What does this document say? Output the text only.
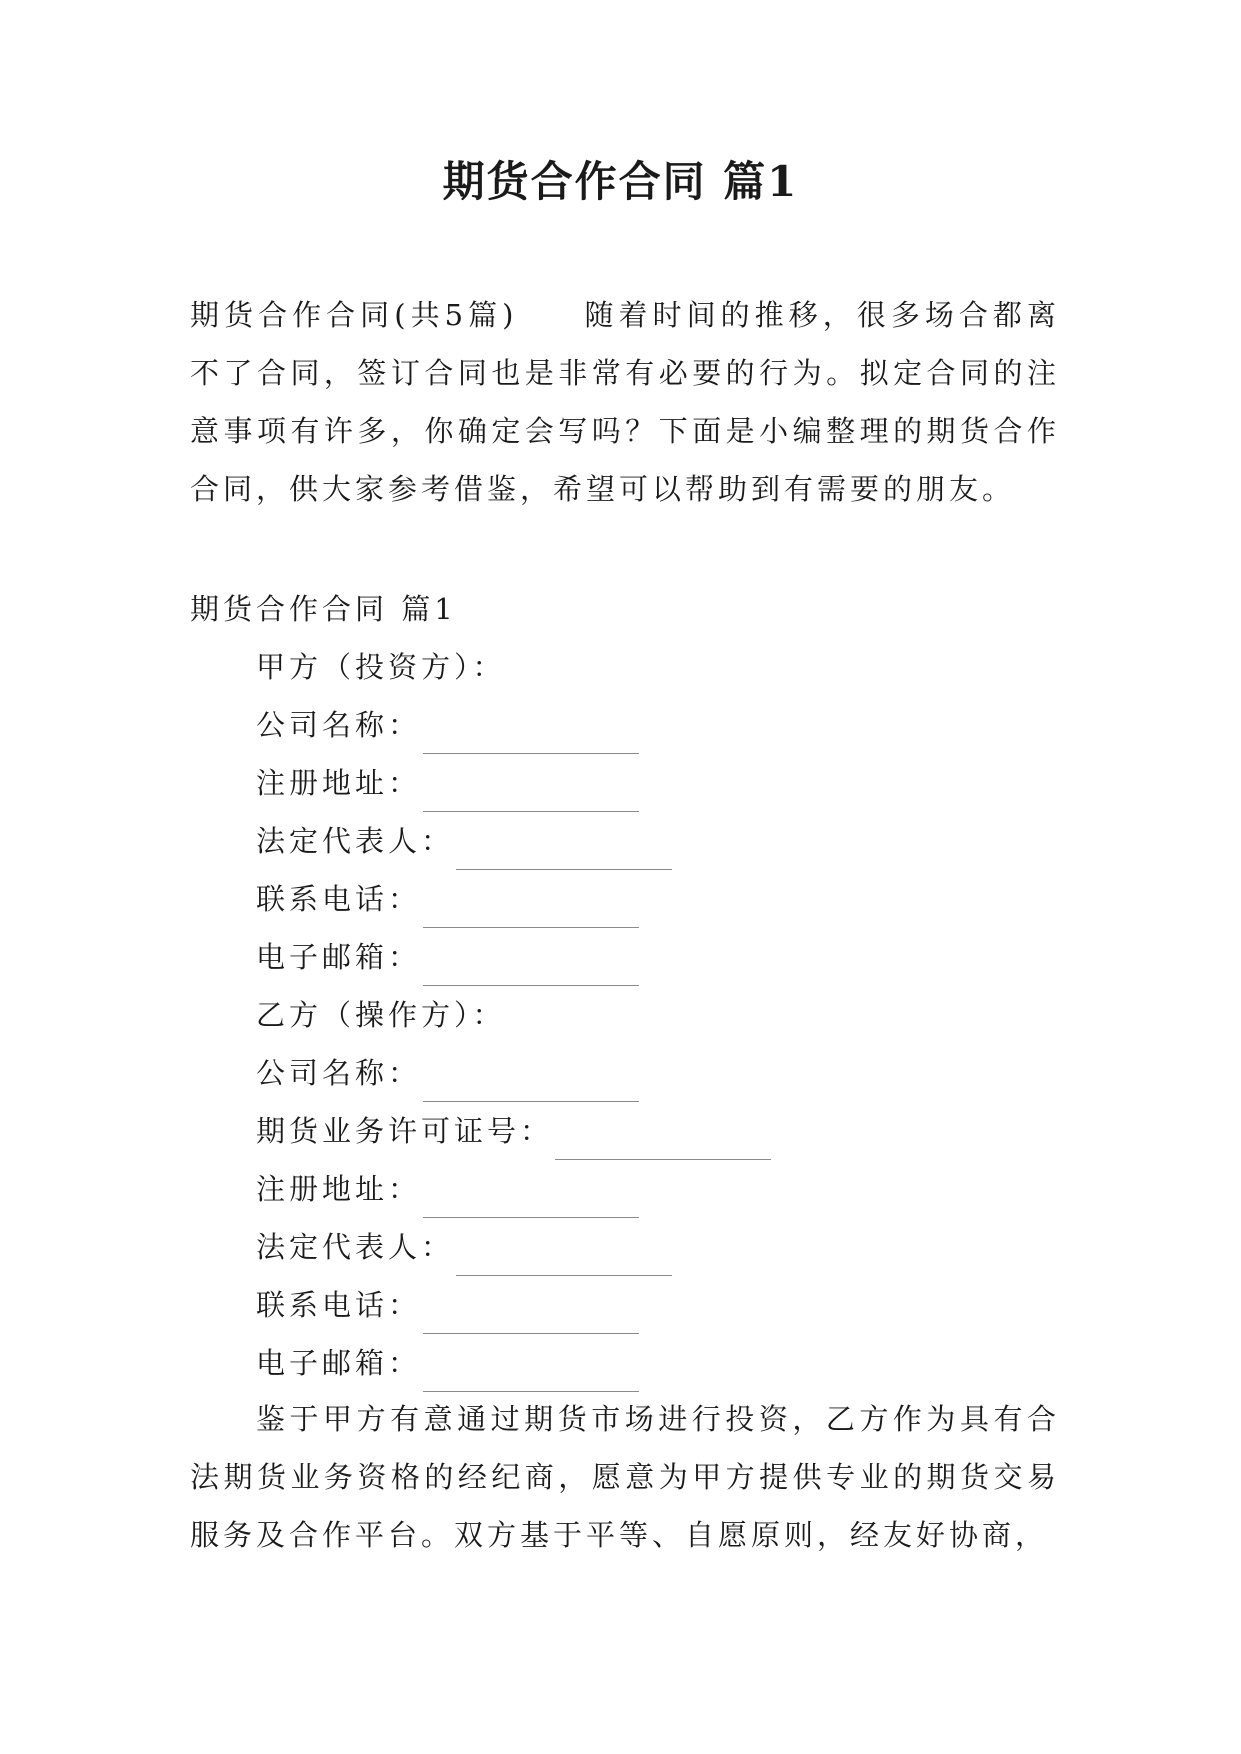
期货合作合同 篇1

期货合作合同(共5篇) 随着时间的推移，很多场合都离不了合同，签订合同也是非常有必要的行为。拟定合同的注意事项有许多，你确定会写吗？下面是小编整理的期货合作合同，供大家参考借鉴，希望可以帮助到有需要的朋友。

期货合作合同 篇1
甲方（投资方）：
公司名称：
注册地址：
法定代表人：
联系电话：
电子邮箱：
乙方（操作方）：
公司名称：
期货业务许可证号：
注册地址：
法定代表人：
联系电话：
电子邮箱：

鉴于甲方有意通过期货市场进行投资，乙方作为具有合法期货业务资格的经纪商，愿意为甲方提供专业的期货交易服务及合作平台。双方基于平等、自愿原则，经友好协商，
